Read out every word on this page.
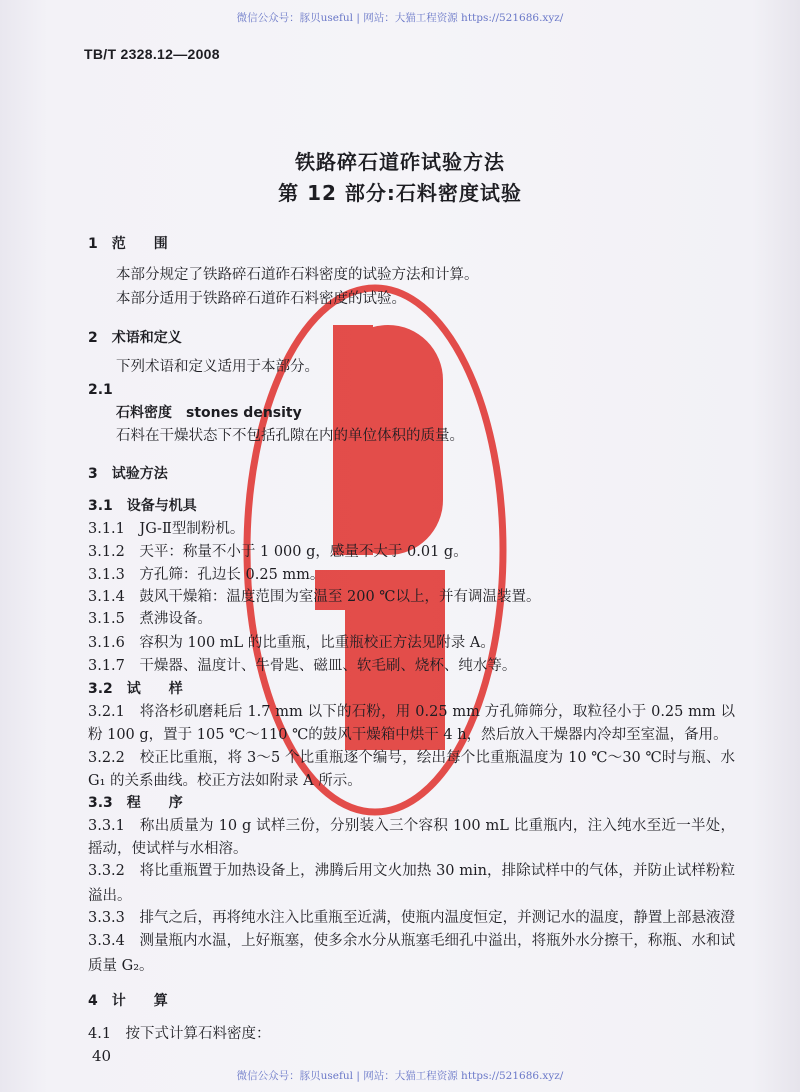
微信公众号：豚贝useful | 网站：大猫工程资源 https://521686.xyz/
TB/T 2328.12—2008
铁路碎石道砟试验方法
第 12 部分:石料密度试验
1　范　　围
本部分规定了铁路碎石道砟石料密度的试验方法和计算。
本部分适用于铁路碎石道砟石料密度的试验。
2　术语和定义
下列术语和定义适用于本部分。
2.1
石料密度　stones density
石料在干燥状态下不包括孔隙在内的单位体积的质量。
3　试验方法
3.1　设备与机具
3.1.1　JG-Ⅱ型制粉机。
3.1.2　天平：称量不小于 1 000 g，感量不大于 0.01 g。
3.1.3　方孔筛：孔边长 0.25 mm。
3.1.4　鼓风干燥箱：温度范围为室温至 200 ℃以上，并有调温装置。
3.1.5　煮沸设备。
3.1.6　容积为 100 mL 的比重瓶，比重瓶校正方法见附录 A。
3.1.7　干燥器、温度计、牛骨匙、磁皿、软毛刷、烧杯、纯水等。
3.2　试　　样
3.2.1　将洛杉矶磨耗后 1.7 mm 以下的石粉，用 0.25 mm 方孔筛筛分，取粒径小于 0.25 mm 以
粉 100 g，置于 105 ℃～110 ℃的鼓风干燥箱中烘干 4 h，然后放入干燥器内冷却至室温，备用。
3.2.2　校正比重瓶，将 3～5 个比重瓶逐个编号，绘出每个比重瓶温度为 10 ℃～30 ℃时与瓶、水
G₁ 的关系曲线。校正方法如附录 A 所示。
3.3　程　　序
3.3.1　称出质量为 10 g 试样三份，分别装入三个容积 100 mL 比重瓶内，注入纯水至近一半处，
摇动，使试样与水相溶。
3.3.2　将比重瓶置于加热设备上，沸腾后用文火加热 30 min，排除试样中的气体，并防止试样粉粒
溢出。
3.3.3　排气之后，再将纯水注入比重瓶至近满，使瓶内温度恒定，并测记水的温度，静置上部悬液澄
3.3.4　测量瓶内水温，上好瓶塞，使多余水分从瓶塞毛细孔中溢出，将瓶外水分擦干，称瓶、水和试
质量 G₂。
4　计　　算
4.1　按下式计算石料密度：
40
微信公众号：豚贝useful | 网站：大猫工程资源 https://521686.xyz/
